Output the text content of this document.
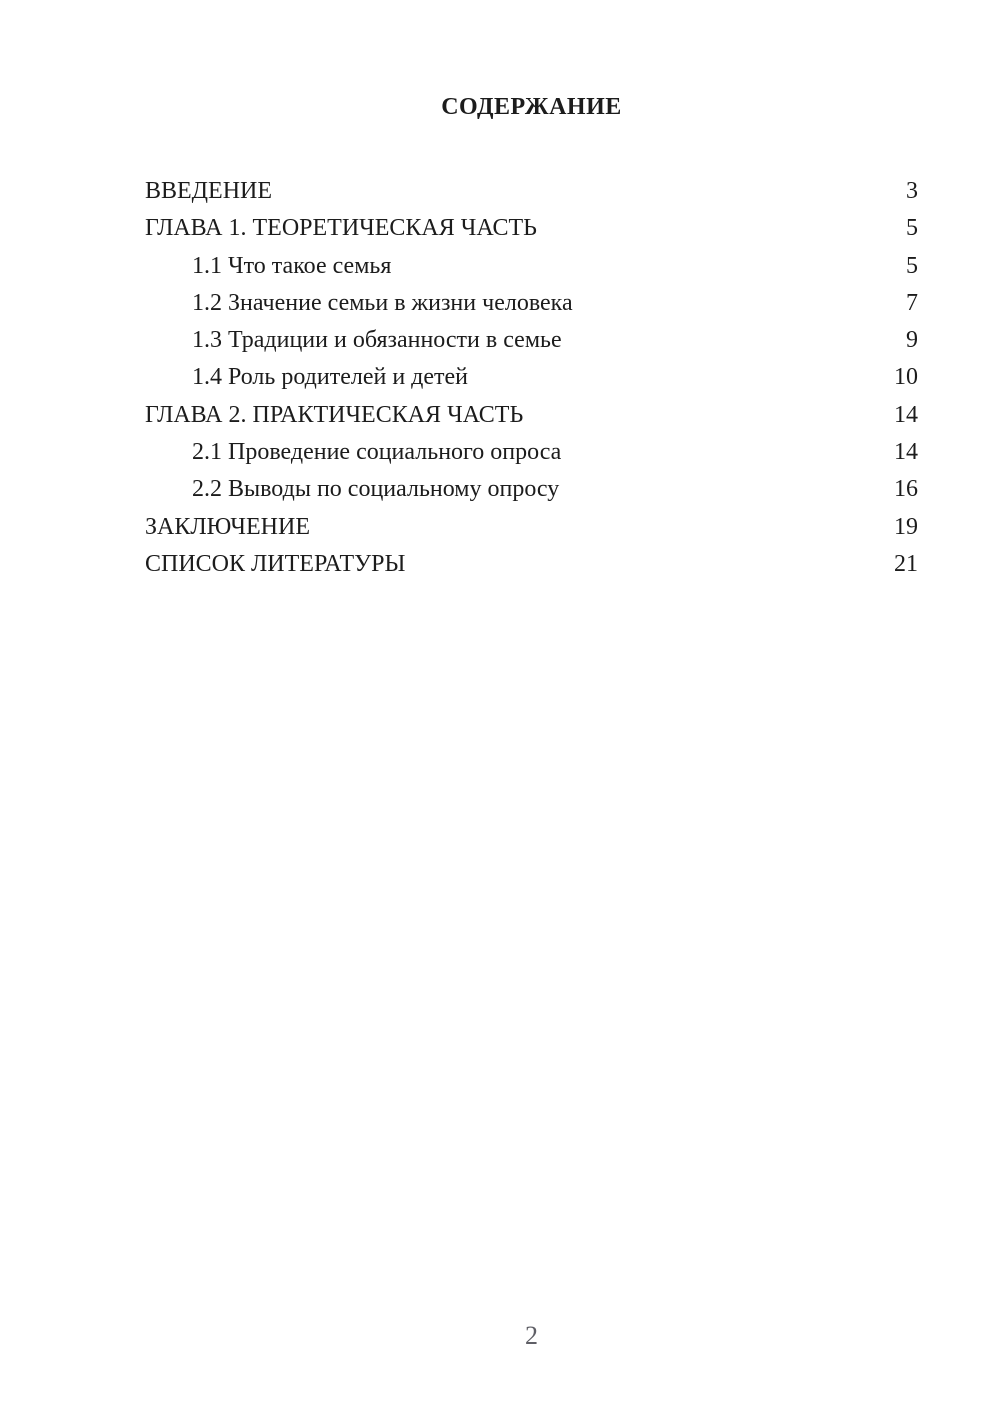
СОДЕРЖАНИЕ
ВВЕДЕНИЕ	3
ГЛАВА 1. ТЕОРЕТИЧЕСКАЯ ЧАСТЬ	5
1.1 Что такое семья	5
1.2 Значение семьи в жизни человека	7
1.3 Традиции и обязанности в семье	9
1.4 Роль родителей и детей	10
ГЛАВА 2. ПРАКТИЧЕСКАЯ ЧАСТЬ	14
2.1 Проведение социального опроса	14
2.2 Выводы по социальному опросу	16
ЗАКЛЮЧЕНИЕ	19
СПИСОК ЛИТЕРАТУРЫ	21
2
